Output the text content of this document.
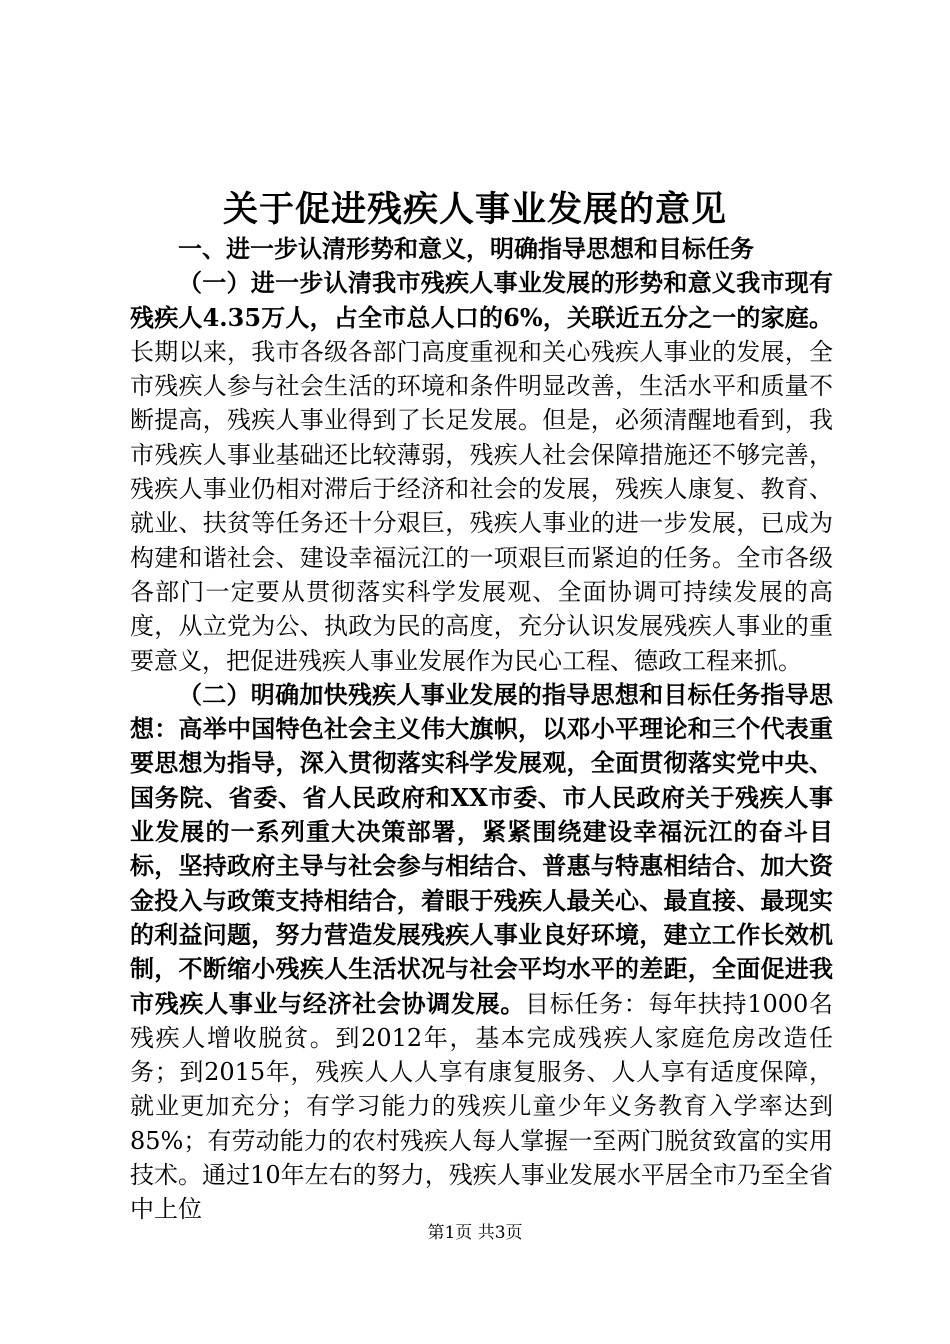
关于促进残疾人事业发展的意见

一、进一步认清形势和意义，明确指导思想和目标任务

（一）进一步认清我市残疾人事业发展的形势和意义我市现有残疾人4.35万人，占全市总人口的6%，关联近五分之一的家庭。长期以来，我市各级各部门高度重视和关心残疾人事业的发展，全市残疾人参与社会生活的环境和条件明显改善，生活水平和质量不断提高，残疾人事业得到了长足发展。但是，必须清醒地看到，我市残疾人事业基础还比较薄弱，残疾人社会保障措施还不够完善，残疾人事业仍相对滞后于经济和社会的发展，残疾人康复、教育、就业、扶贫等任务还十分艰巨，残疾人事业的进一步发展，已成为构建和谐社会、建设幸福沅江的一项艰巨而紧迫的任务。全市各级各部门一定要从贯彻落实科学发展观、全面协调可持续发展的高度，从立党为公、执政为民的高度，充分认识发展残疾人事业的重要意义，把促进残疾人事业发展作为民心工程、德政工程来抓。

（二）明确加快残疾人事业发展的指导思想和目标任务指导思想：高举中国特色社会主义伟大旗帜，以邓小平理论和三个代表重要思想为指导，深入贯彻落实科学发展观，全面贯彻落实党中央、国务院、省委、省人民政府和XX市委、市人民政府关于残疾人事业发展的一系列重大决策部署，紧紧围绕建设幸福沅江的奋斗目标，坚持政府主导与社会参与相结合、普惠与特惠相结合、加大资金投入与政策支持相结合，着眼于残疾人最关心、最直接、最现实的利益问题，努力营造发展残疾人事业良好环境，建立工作长效机制，不断缩小残疾人生活状况与社会平均水平的差距，全面促进我市残疾人事业与经济社会协调发展。目标任务：每年扶持1000名残疾人增收脱贫。到2012年，基本完成残疾人家庭危房改造任务；到2015年，残疾人人人享有康复服务、人人享有适度保障，就业更加充分；有学习能力的残疾儿童少年义务教育入学率达到85%；有劳动能力的农村残疾人每人掌握一至两门脱贫致富的实用技术。通过10年左右的努力，残疾人事业发展水平居全市乃至全省中上位

第1页 共3页
